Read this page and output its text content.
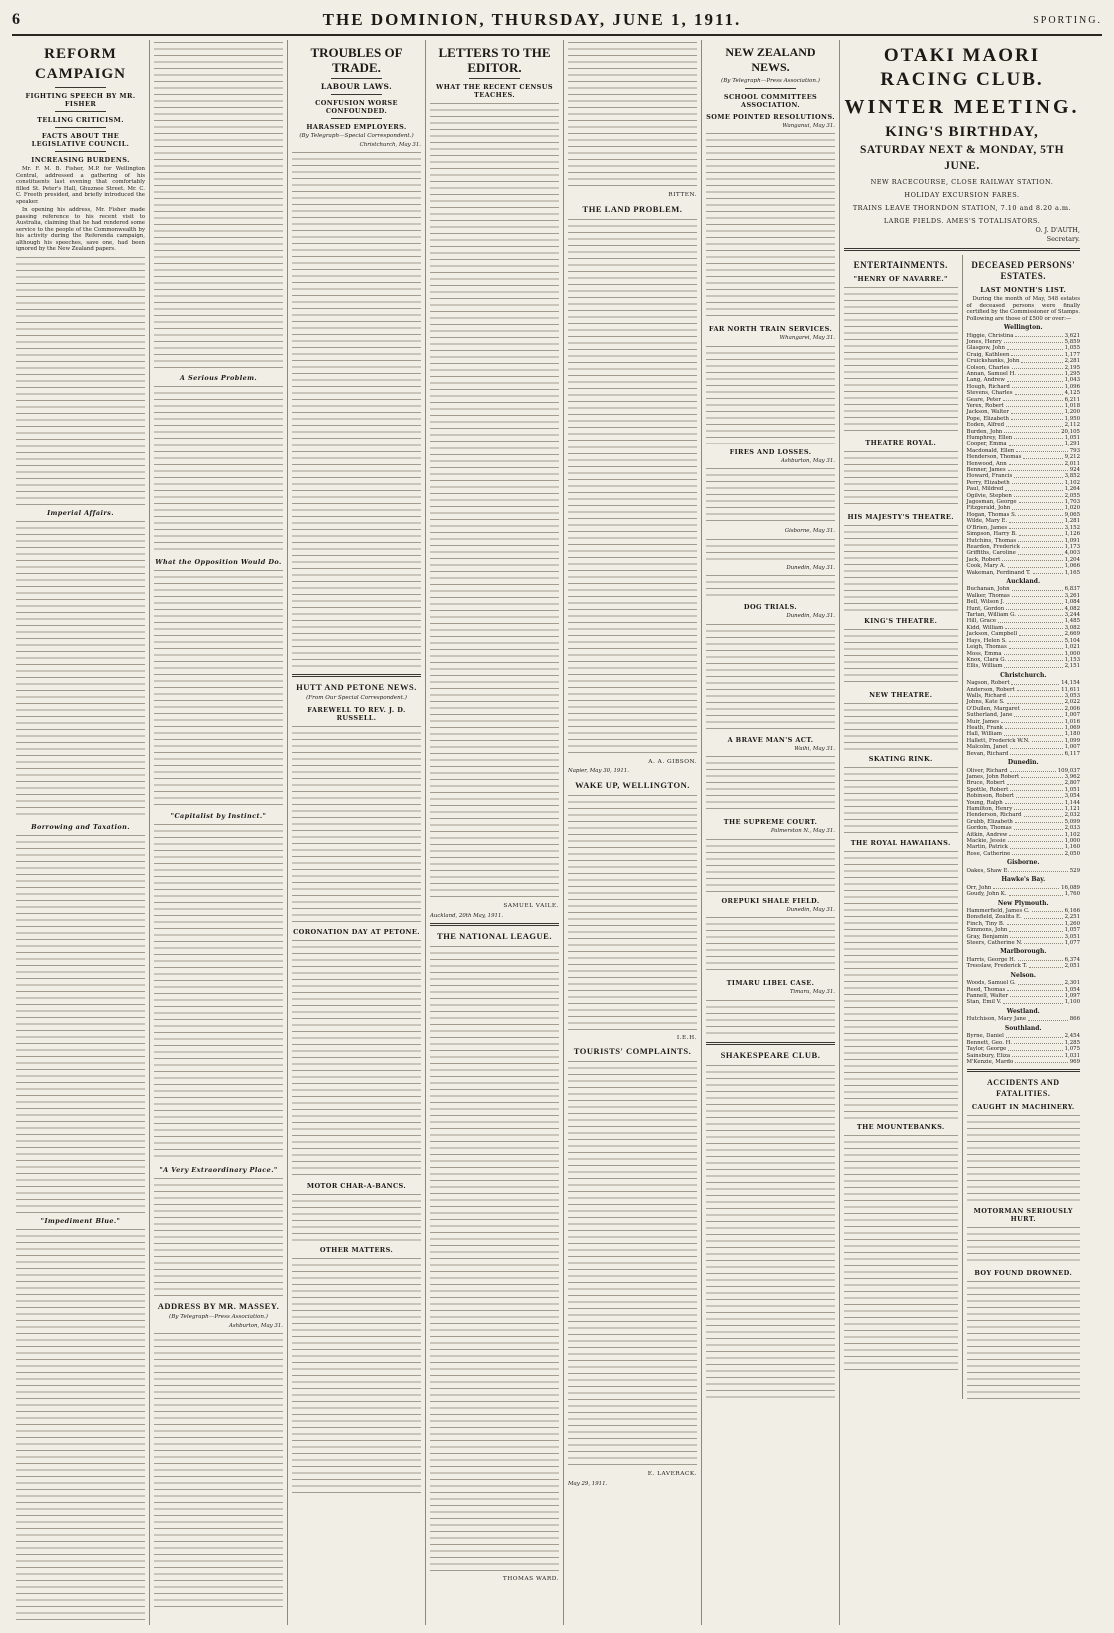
6	THE DOMINION, THURSDAY, JUNE 1, 1911.	SPORTING.
REFORM CAMPAIGN
FIGHTING SPEECH BY MR. FISHER
TELLING CRITICISM.
FACTS ABOUT THE LEGISLATIVE COUNCIL.
INCREASING BURDENS.

Mr. F. M. B. Fisher, M.P. for Wellington Central, addressed a gathering of his constituents last evening that comfortably filled St. Peter's Hall, Ghuznee Street. Mr. C. C. Freeth presided, and briefly introduced the speaker.

In opening his address, Mr. Fisher made passing reference to his recent visit to Australia, claiming that he had rendered some service to the people of the Commonwealth by his activity during the Referenda campaign, although his speeches, save one, had been ignored by the New Zealand papers.

Imperial Affairs.
Borrowing and Taxation.
"Impediment Blue."
A Serious Problem.
What the Opposition Would Do.
"Capitalist by Instinct."
"A Very Extraordinary Place."
ADDRESS BY MR. MASSEY.
(By Telegraph—Press Association.)
Ashburton, May 31.
TROUBLES OF TRADE.
LABOUR LAWS.
CONFUSION WORSE CONFOUNDED.
HARASSED EMPLOYERS.
(By Telegraph—Special Correspondent.)
Christchurch, May 31.
HUTT AND PETONE NEWS.
(From Our Special Correspondent.)
FAREWELL TO REV. J. D. RUSSELL.
CORONATION DAY AT PETONE.
MOTOR CHAR-A-BANCS.
OTHER MATTERS.
LETTERS TO THE EDITOR.
WHAT THE RECENT CENSUS TEACHES.
SAMUEL VAILE.
Auckland, 20th May, 1911.
THE NATIONAL LEAGUE.
THOMAS WARD.
RITTEN.
THE LAND PROBLEM.
A. A. GIBSON.
Napier, May 30, 1911.
WAKE UP, WELLINGTON.
I.E.H.
TOURISTS' COMPLAINTS.
E. LAVERACK.
May 29, 1911.
NEW ZEALAND NEWS.
(By Telegraph—Press Association.)
SCHOOL COMMITTEES ASSOCIATION.
SOME POINTED RESOLUTIONS.
Wanganui, May 31.
FAR NORTH TRAIN SERVICES.
Whangarei, May 31.
FIRES AND LOSSES.
Ashburton, May 31.
Gisborne, May 31.
Dunedin, May 31.
DOG TRIALS.
Dunedin, May 31.
A BRAVE MAN'S ACT.
Waihi, May 31.
THE SUPREME COURT.
Palmerston N., May 31.
OREPUKI SHALE FIELD.
Dunedin, May 31.
TIMARU LIBEL CASE.
Timaru, May 31.
SHAKESPEARE CLUB.
OTAKI MAORI RACING CLUB.
WINTER MEETING.
KING'S BIRTHDAY,
SATURDAY NEXT & MONDAY, 5TH JUNE.
NEW RACECOURSE, CLOSE RAILWAY STATION.
HOLIDAY EXCURSION FARES.
TRAINS LEAVE THORNDON STATION, 7.10 and 8.20 a.m.
LARGE FIELDS. AMES'S TOTALISATORS.
O. J. D'AUTH,
Secretary.
ENTERTAINMENTS.
"HENRY OF NAVARRE."
THEATRE ROYAL.
HIS MAJESTY'S THEATRE.
KING'S THEATRE.
NEW THEATRE.
SKATING RINK.
THE ROYAL HAWAIIANS.
THE MOUNTEBANKS.
DECEASED PERSONS' ESTATES.
LAST MONTH'S LIST.

During the month of May, 548 estates of deceased persons were finally certified by the Commissioner of Stamps. Following are those of £500 or over:—

Wellington.
Higgie, Christina	3,621
Jones, Henry	5,859
Glasgow, John	1,055
Craig, Kathleen	1,177
Cruickshanks, John	2,281
Colson, Charles	2,195
Annan, Samuel H.	1,295
Lang, Andrew	1,043
Hough, Richard	1,096
Stevens, Charles	4,125
Geare, Peter	6,211
Yerex, Robert	1,018
Jackson, Walter	1,200
Pope, Elizabeth	1,950
Eoden, Alfred	2,112
Burden, John	20,105
Humphrey, Ellen	1,051
Cooper, Emma	1,291
Macdonald, Ellen	793
Henderson, Thomas	9,212
Henwood, Ann	2,011
Benner, James	924
Howard, Francis	3,852
Perry, Elizabeth	1,102
Paul, Mildred	1,264
Ogilvie, Stephen	2,055
Jagosman, George	1,703
Fitzgerald, John	1,020
Hogan, Thomas S.	9,065
Wilde, Mary E.	1,281
O'Brien, James	3,152
Simpson, Harry B.	1,126
Hutchins, Thomas	1,091
Reardon, Frederick	1,173
Griffiths, Caroline	4,003
Jack, Robert	1,204
Cook, Mary A.	1,066
Wakeman, Ferdinand T.	1,165
Auckland.
Buchanan, John	6,837
Walker, Thomas	3,261
Bell, Wilson J.	1,084
Hunt, Gordon	4,082
Tartan, William G.	3,244
Hill, Grace	1,485
Kidd, William	3,082
Jackson, Campbell	2,669
Hays, Helen S.	5,104
Leigh, Thomas	1,021
Moss, Emma	1,000
Knox, Clara G.	1,153
Ellis, William	2,151
Christchurch.
Nagson, Robert	14,154
Anderson, Robert	11,611
Walls, Richard	3,053
Johns, Kate S.	2,022
O'Dullen, Margaret	2,006
Sutherland, Jane	1,007
Muir, James	1,016
Heath, Frank	1,069
Hall, William	1,180
Hallett, Frederick W.N.	1,099
Malcolm, Janet	1,007
Bevan, Richard	6,117
Dunedin.
Oliver, Richard	109,037
James, John Robert	3,962
Bruce, Robert	2,807
Spottle, Robert	1,051
Robinson, Robert	3,054
Young, Ralph	1,144
Hamilton, Henry	1,121
Henderson, Richard	2,032
Grubb, Elizabeth	5,099
Gordon, Thomas	2,033
Aitkin, Andrew	1,102
Mackie, Jessie	1,000
Martin, Patrick	1,160
Rose, Catherine	2,050
Gisborne.
Oakes, Shaw E.	529
Hawke's Bay.
Orr, John	16,089
Goudy, John K.	1,760
New Plymouth.
Hammerfield, James C.	6,166
Bonsfield, Zealita E.	2,251
Finch, Tiny B.	1,260
Simmons, John	1,057
Gray, Benjamin	3,051
Steers, Catherine N.	1,077
Marlborough.
Harris, George H.	6,374
Treeslaw, Frederick T.	2,051
Nelson.
Woods, Samuel G.	2,301
Reed, Thomas	1,054
Fannell, Walter	1,097
Stan, Emil V.	1,100
Westland.
Hutchison, Mary Jane	866
Southland.
Byrne, Daniel	2,454
Bennett, Geo. H.	1,285
Taylor, George	1,075
Sainsbury, Eliza	1,031
M'Kenzie, Mardo	969
ACCIDENTS AND FATALITIES.
CAUGHT IN MACHINERY.
MOTORMAN SERIOUSLY HURT.
BOY FOUND DROWNED.
